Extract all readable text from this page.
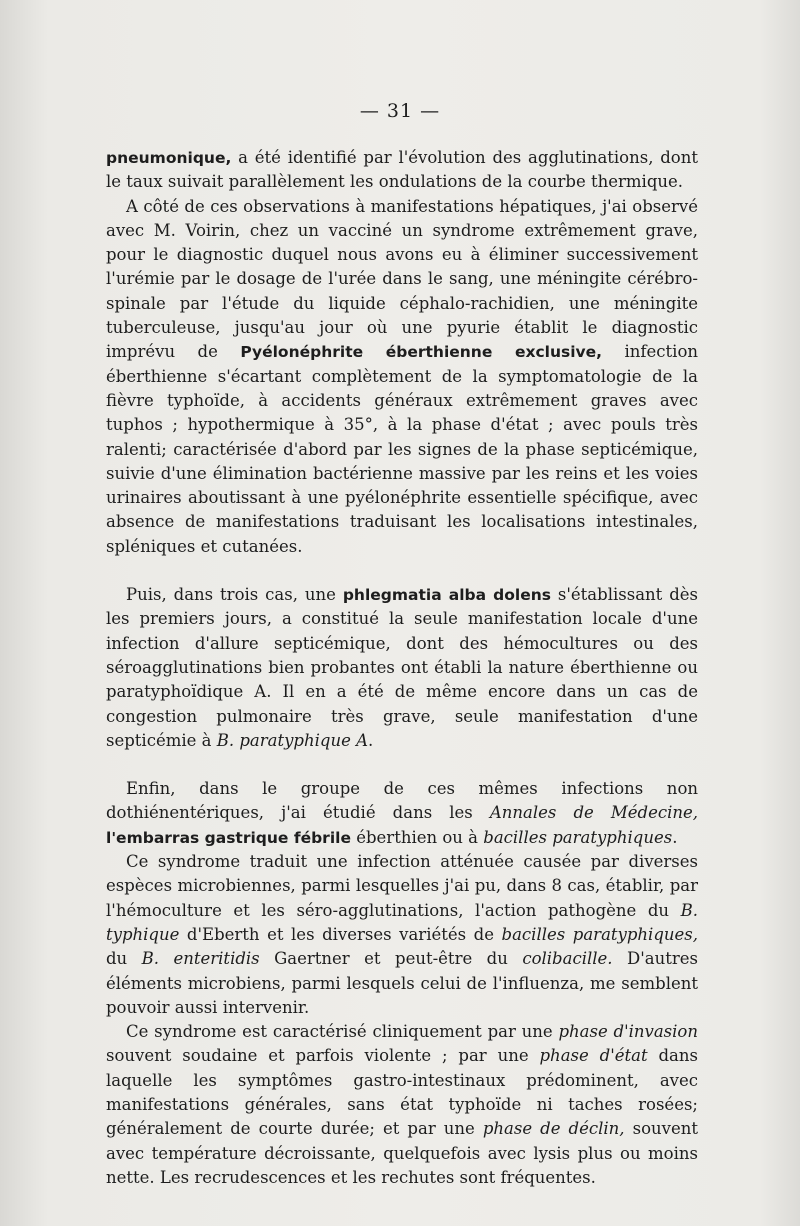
— 31 —

pneumonique, a été identifié par l'évolution des agglutinations, dont le taux suivait parallèlement les ondulations de la courbe thermique.

A côté de ces observations à manifestations hépatiques, j'ai observé avec M. Voirin, chez un vacciné un syndrome extrêmement grave, pour le diagnostic duquel nous avons eu à éliminer successivement l'urémie par le dosage de l'urée dans le sang, une méningite cérébro-spinale par l'étude du liquide céphalo-rachidien, une méningite tuberculeuse, jusqu'au jour où une pyurie établit le diagnostic imprévu de Pyélonéphrite éberthienne exclusive, infection éberthienne s'écartant complètement de la symptomatologie de la fièvre typhoïde, à accidents généraux extrêmement graves avec tuphos ; hypothermique à 35°, à la phase d'état ; avec pouls très ralenti; caractérisée d'abord par les signes de la phase septicémique, suivie d'une élimination bactérienne massive par les reins et les voies urinaires aboutissant à une pyélonéphrite essentielle spécifique, avec absence de manifestations traduisant les localisations intestinales, spléniques et cutanées.

Puis, dans trois cas, une phlegmatia alba dolens s'établissant dès les premiers jours, a constitué la seule manifestation locale d'une infection d'allure septicémique, dont des hémocultures ou des séroagglutinations bien probantes ont établi la nature éberthienne ou paratyphoïdique A. Il en a été de même encore dans un cas de congestion pulmonaire très grave, seule manifestation d'une septicémie à B. paratyphique A.

Enfin, dans le groupe de ces mêmes infections non dothiénentériques, j'ai étudié dans les Annales de Médecine, l'embarras gastrique fébrile éberthien ou à bacilles paratyphiques.

Ce syndrome traduit une infection atténuée causée par diverses espèces microbiennes, parmi lesquelles j'ai pu, dans 8 cas, établir, par l'hémoculture et les séro-agglutinations, l'action pathogène du B. typhique d'Eberth et les diverses variétés de bacilles paratyphiques, du B. enteritidis Gaertner et peut-être du colibacille. D'autres éléments microbiens, parmi lesquels celui de l'influenza, me semblent pouvoir aussi intervenir.

Ce syndrome est caractérisé cliniquement par une phase d'invasion souvent soudaine et parfois violente ; par une phase d'état dans laquelle les symptômes gastro-intestinaux prédominent, avec manifestations générales, sans état typhoïde ni taches rosées; généralement de courte durée; et par une phase de déclin, souvent avec température décroissante, quelquefois avec lysis plus ou moins nette. Les recrudescences et les rechutes sont fréquentes.
